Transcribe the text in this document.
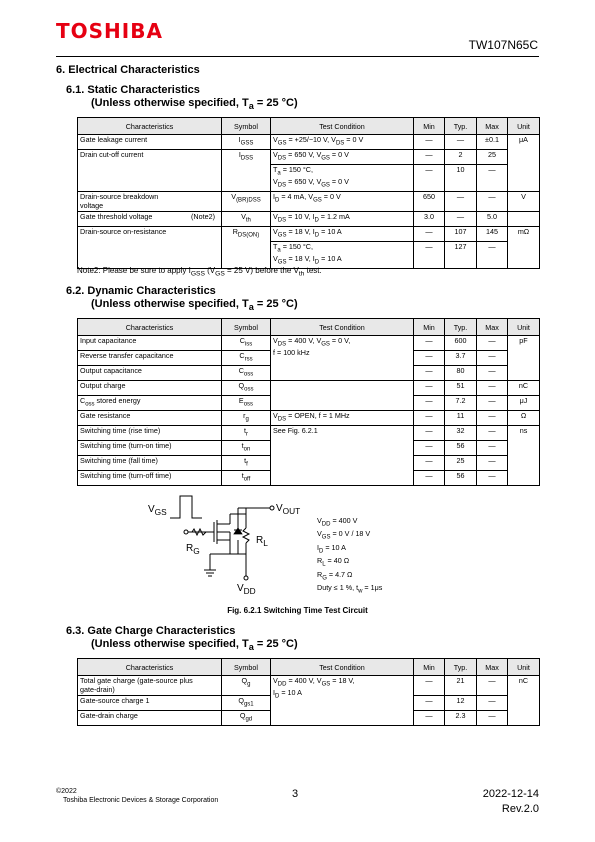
TOSHIBA
TW107N65C
6. Electrical Characteristics
6.1. Static Characteristics
(Unless otherwise specified, $T_a = 25$ °C)
Characteristics	Symbol	Test Condition	Min	Typ.	Max	Unit
Gate leakage current	$I_{GSS}$	$V_{GS} = +25/-10$ V, $V_{DS} = 0$ V	—	—	±0.1	μA
Drain cut-off current	$I_{DSS}$	$V_{DS} = 650$ V, $V_{GS} = 0$ V	—	2	25	
		$T_a = 150$ °C,
$V_{DS} = 650$ V, $V_{GS} = 0$ V	—	10	—	
Drain-source breakdown
voltage	$V_{(BR)DSS}$	$I_D = 4$ mA, $V_{GS} = 0$ V	650	—	—	V
Gate threshold voltage (Note2)	$V_{th}$	$V_{DS} = 10$ V, $I_D = 1.2$ mA	3.0	—	5.0	
Drain-source on-resistance	$R_{DS(ON)}$	$V_{GS} = 18$ V, $I_D = 10$ A	—	107	145	mΩ
		$T_a = 150$ °C,
$V_{GS} = 18$ V, $I_D = 10$ A	—	127	—	
Note2: Please be sure to apply $I_{GSS}$ ($V_{GS} = 25$ V) before the $V_{th}$ test.
6.2. Dynamic Characteristics
(Unless otherwise specified, $T_a = 25$ °C)
Characteristics	Symbol	Test Condition	Min	Typ.	Max	Unit
Input capacitance	$C_{iss}$	$V_{DS} = 400$ V, $V_{GS} = 0$ V,
f = 100 kHz	—	600	—	pF
Reverse transfer capacitance	$C_{rss}$		—	3.7	—	
Output capacitance	$C_{oss}$		—	80	—	
Output charge	$Q_{oss}$		—	51	—	nC
$C_{oss}$ stored energy	$E_{oss}$		—	7.2	—	μJ
Gate resistance	$r_g$	$V_{DS}$ = OPEN, f = 1 MHz	—	11	—	Ω
Switching time (rise time)	$t_r$	See Fig. 6.2.1	—	32	—	ns
Switching time (turn-on time)	$t_{on}$		—	56	—	
Switching time (fall time)	$t_f$		—	25	—	
Switching time (turn-off time)	$t_{off}$		—	56	—	
$V_{GS}$	$V_{OUT}$
$R_G$
$R_L$
$V_{DD}$
$V_{DD} = 400$ V
$V_{GS} = 0$ V / 18 V
$I_D = 10$ A
$R_L = 40$ Ω
$R_G = 4.7$ Ω
Duty ≤ 1 %, $t_w = 1\mu s$
Fig. 6.2.1 Switching Time Test Circuit
6.3. Gate Charge Characteristics
(Unless otherwise specified, $T_a = 25$ °C)
Characteristics	Symbol	Test Condition	Min	Typ.	Max	Unit
Total gate charge (gate-source plus
gate-drain)	$Q_g$	$V_{DD} = 400$ V, $V_{GS} = 18$ V,
$I_D = 10$ A	—	21	—	nC
Gate-source charge 1	$Q_{gs1}$		—	12	—	
Gate-drain charge	$Q_{gd}$		—	2.3	—	
©2022
Toshiba Electronic Devices & Storage Corporation
3	2022-12-14
Rev.2.0
